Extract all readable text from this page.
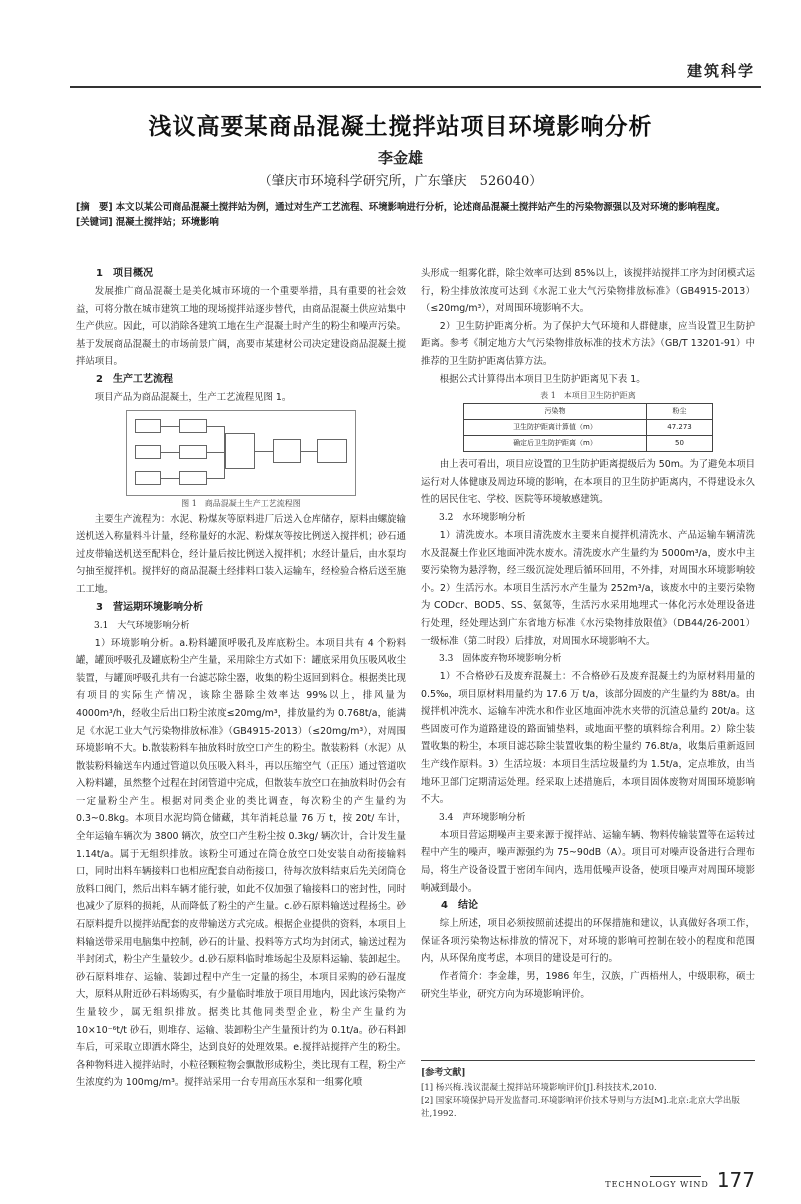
建筑科学
浅议高要某商品混凝土搅拌站项目环境影响分析
李金雄
（肇庆市环境科学研究所，广东肇庆　526040）
[摘　要] 本文以某公司商品混凝土搅拌站为例，通过对生产工艺流程、环境影响进行分析，论述商品混凝土搅拌站产生的污染物源强以及对环境的影响程度。
[关键词] 混凝土搅拌站；环境影响
1　项目概况

发展推广商品混凝土是美化城市环境的一个重要举措，具有重要的社会效益，可将分散在城市建筑工地的现场搅拌站逐步替代，由商品混凝土供应站集中生产供应。因此，可以消除各建筑工地在生产混凝土时产生的粉尘和噪声污染。基于发展商品混凝土的市场前景广阔，高要市某建材公司决定建设商品混凝土搅拌站项目。

2　生产工艺流程

项目产品为商品混凝土，生产工艺流程见图 1。

图 1　商品混凝土生产工艺流程图

主要生产流程为：水泥、粉煤灰等原料进厂后送入仓库储存，原料由螺旋输送机送入称量料斗计量，经称量好的水泥、粉煤灰等按比例送入搅拌机；砂石通过皮带输送机送至配料仓，经计量后按比例送入搅拌机；水经计量后，由水泵均匀抽至搅拌机。搅拌好的商品混凝土经排料口装入运输车，经检验合格后送至施工工地。

3　营运期环境影响分析
3.1　大气环境影响分析

1）环境影响分析。a.粉料罐顶呼吸孔及库底粉尘。本项目共有 4 个粉料罐，罐顶呼吸孔及罐底粉尘产生量，采用除尘方式如下：罐底采用负压吸风收尘装置，与罐顶呼吸孔共有一台滤芯除尘器，收集的粉尘返回到料仓。根据类比现有项目的实际生产情况，该除尘器除尘效率达 99%以上，排风量为 4000m³/h，经收尘后出口粉尘浓度≤20mg/m³，排放量约为 0.768t/a，能满足《水泥工业大气污染物排放标准》（GB4915-2013）（≤20mg/m³），对周围环境影响不大。b.散装粉料车抽放料时放空口产生的粉尘。散装粉料（水泥）从散装粉料输送车内通过管道以负压吸入料斗，再以压缩空气（正压）通过管道吹入粉料罐，虽然整个过程在封闭管道中完成，但散装车放空口在抽放料时仍会有一定量粉尘产生。根据对同类企业的类比调查，每次粉尘的产生量约为 0.3~0.8kg。本项目水泥均筒仓储藏，其年消耗总量 76 万 t，按 20t/ 车计，全年运输车辆次为 3800 辆次，放空口产生粉尘按 0.3kg/ 辆次计，合计发生量 1.14t/a。属于无组织排放。该粉尘可通过在筒仓放空口处安装自动衔接输料口，同时出料车辆接料口也相应配套自动衔接口，待每次放料结束后先关闭筒仓放料口阀门，然后出料车辆才能行驶，如此不仅加强了输接料口的密封性，同时也减少了原料的损耗，从而降低了粉尘的产生量。c.砂石原料输送过程扬尘。砂石原料提升以搅拌站配套的皮带输送方式完成。根据企业提供的资料，本项目上料输送带采用电脑集中控制，砂石的计量、投料等方式均为封闭式，输送过程为半封闭式，粉尘产生量较少。d.砂石原料临时堆场起尘及原料运输、装卸起尘。砂石原料堆存、运输、装卸过程中产生一定量的扬尘，本项目采购的砂石湿度大，原料从附近砂石料场购买，有少量临时堆放于项目用地内，因此该污染物产生量较少，属无组织排放。据类比其他同类型企业，粉尘产生量约为 10×10⁻⁶t/t 砂石，则堆存、运输、装卸粉尘产生量预计约为 0.1t/a。砂石料卸车后，可采取立即洒水降尘，达到良好的处理效果。e.搅拌站搅拌产生的粉尘。各种物料进入搅拌站时，小粒径颗粒物会飘散形成粉尘，类比现有工程，粉尘产生浓度约为 100mg/m³。搅拌站采用一台专用高压水泵和一组雾化喷

头形成一组雾化群，除尘效率可达到 85%以上，该搅拌站搅拌工序为封闭模式运行，粉尘排放浓度可达到《水泥工业大气污染物排放标准》（GB4915-2013）（≤20mg/m³），对周围环境影响不大。

2）卫生防护距离分析。为了保护大气环境和人群健康，应当设置卫生防护距离。参考《制定地方大气污染物排放标准的技术方法》（GB/T 13201-91）中推荐的卫生防护距离估算方法。

根据公式计算得出本项目卫生防护距离见下表 1。

表 1　本项目卫生防护距离
污染物	粉尘
卫生防护距离计算值（m）	47.273
确定后卫生防护距离（m）	50

由上表可看出，项目应设置的卫生防护距离提级后为 50m。为了避免本项目运行对人体健康及周边环境的影响，在本项目的卫生防护距离内，不得建设永久性的居民住宅、学校、医院等环境敏感建筑。

3.2　水环境影响分析

1）清洗废水。本项目清洗废水主要来自搅拌机清洗水、产品运输车辆清洗水及混凝土作业区地面冲洗水废水。清洗废水产生量约为 5000m³/a，废水中主要污染物为悬浮物，经三级沉淀处理后循环回用，不外排，对周围水环境影响较小。2）生活污水。本项目生活污水产生量为 252m³/a，该废水中的主要污染物为 CODcr、BOD5、SS、氨氮等，生活污水采用地埋式一体化污水处理设备进行处理，经处理达到广东省地方标准《水污染物排放限值》（DB44/26-2001）一级标准（第二时段）后排放，对周围水环境影响不大。

3.3　固体废弃物环境影响分析

1）不合格砂石及废弃混凝土：不合格砂石及废弃混凝土约为原材料用量的 0.5‰，项目原材料用量约为 17.6 万 t/a，该部分固废的产生量约为 88t/a。由搅拌机冲洗水、运输车冲洗水和作业区地面冲洗水夹带的沉渣总量约 20t/a。这些固废可作为道路建设的路面铺垫料，或地面平整的填料综合利用。2）除尘装置收集的粉尘，本项目滤芯除尘装置收集的粉尘量约 76.8t/a，收集后重新返回生产线作原料。3）生活垃圾：本项目生活垃圾量约为 1.5t/a，定点堆放，由当地环卫部门定期清运处理。经采取上述措施后，本项目固体废物对周围环境影响不大。

3.4　声环境影响分析

本项目营运期噪声主要来源于搅拌站、运输车辆、物料传输装置等在运转过程中产生的噪声，噪声源强约为 75~90dB（A）。项目可对噪声设备进行合理布局，将生产设备设置于密闭车间内，选用低噪声设备，使项目噪声对周围环境影响减到最小。

4　结论

综上所述，项目必须按照前述提出的环保措施和建议，认真做好各项工作，保证各项污染物达标排放的情况下，对环境的影响可控制在较小的程度和范围内，从环保角度考虑，本项目的建设是可行的。

作者简介：李金雄，男，1986 年生，汉族，广西梧州人，中级职称，硕士研究生毕业，研究方向为环境影响评价。

[参考文献]
[1] 杨兴梅.浅议混凝土搅拌站环境影响评价[J].科技技术,2010.
[2] 国家环境保护局开发监督司.环境影响评价技术导则与方法[M].北京:北京大学出版社,1992.
TECHNOLOGY WIND 177
